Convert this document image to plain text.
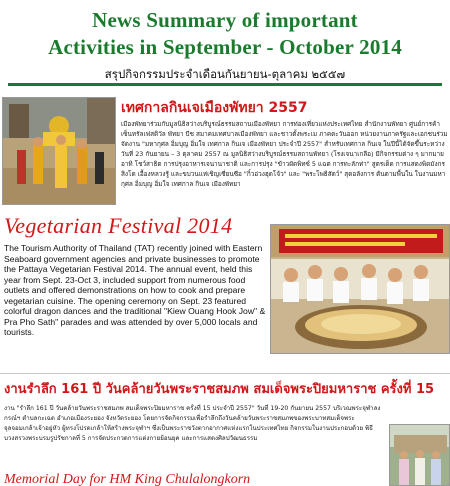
News Summary of important
Activities in September - October 2014
สรุปกิจกรรมประจำเดือนกันยายน-ตุลาคม ๒๕๕๗
เทศกาลกินเจเมืองพัทยา 2557
เมืองพัทยาร่วมกับมูลนิธิสว่างบริบูรณ์ธรรมสถานเมืองพัทยา การท่องเที่ยวแห่งประเทศไทย สำนักงานพัทยา ศูนย์การค้าเซ็นทรัลเฟสติวัล พัทยา บีช สมาคมเทศบาลเมืองพัทยา และชาวตั้งพระเม ภาคตะวันออก หน่วยงานภาครัฐและเอกชนร่วมจัดงาน "มหากุศล อิ่มบุญ อิ่มใจ เทศกาล กินเจ เมืองพัทยา ประจำปี 2557" สำหรับเทศกาล กินเจ ในปีนี้ได้จัดขึ้นระหว่างวันที่ 23 กันยายน – 3 ตุลาคม 2557 ณ มูลนิธิสว่างบริบูรณ์ธรรมสถานพัทยา (โรงเจนาเกลือ) มีกิจกรรมต่าง ๆ มากมาย อาทิ โชว์สาธิต การปรุงอาหารเจนานาชาติ และการปรุง "ข้าวผัดพิทซ์ 5 แฉต การทะลักท่า" สูตรเด็ด การแสดงพิดมังกร สิงโต เอื้องหลวงรู้ และขบวนแห่เชิญเซี่ยนซือ "กิ๋วอ่วงฮุดโจ้ว" และ "พระโพธิสัตว์" สุดอลังการ ต้นตามพื้นใน ในงานมหากุศล อิ่มบุญ อิ่มใจ เทศกาล กินเจ เมืองพัทยา
Vegetarian Festival 2014
The Tourism Authority of Thailand (TAT) recently joined with Eastern Seaboard government agencies and private businesses to promote the Pattaya Vegetarian Festival 2014. The annual event, held this year from Sept. 23-Oct 3, included support from numerous food outlets and offered demonstrations on how to cook and prepare vegetarian cuisine. The opening ceremony on Sept. 23 featured colorful dragon dances and the traditional "Kiew Ouang Hook Jow" & Pra Pho Sath" parades and was attended by over 5,000 locals and tourists.
งานรำลึก 161 ปี วันคล้ายวันพระราชสมภพ สมเด็จพระปิยมหาราช ครั้งที่ 15
งาน "รำลึก 161 ปี วันคล้ายวันพระราชสมภพ สมเด็จพระปิยมหาราช ครั้งที่ 15 ประจำปี 2557" วันที่ 19-20 กันยายน 2557 บริเวณพระจุฬาลงกรณ์ฯ ตำบลกะเฉด อำเภอเมืองระยอง จังหวัดระยอง โดยการจัดกิจกรรมเพื่อรำลึกถึงวันคล้ายวันพระราชสมภพของพระบาทสมเด็จพระจุลจอมเกล้าเจ้าอยู่หัว ผู้ทรงโปรดเกล้าให้สร้างพระจุฬาฯ ซึ่งเป็นพระราชวังตากอากาศแห่งแรกในประเทศไทย กิจกรรมในงานประกอบด้วย พิธีบวงสรวงพระบรมรูปรัชกาลที่ 5 การจัดประกวดการแต่งกายย้อนยุค และการแสดงศิลปวัฒนธรรม
Memorial Day for HM King Chulalongkorn
